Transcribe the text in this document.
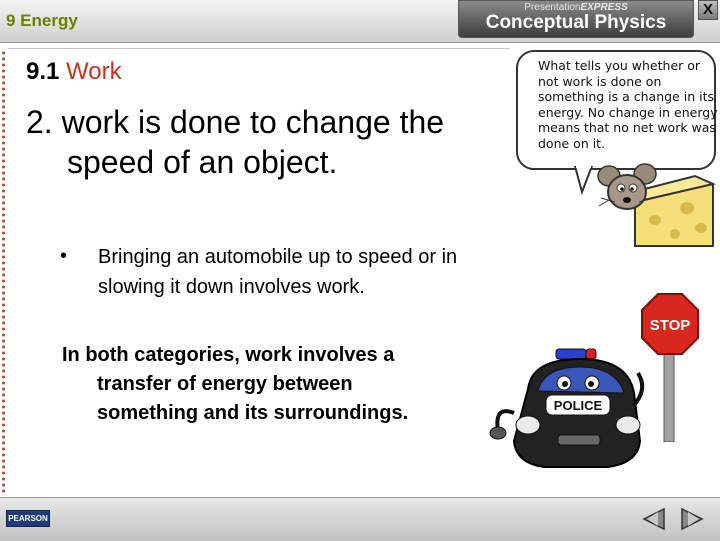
9 Energy
PresentationEXPRESS
Conceptual Physics
X
9.1 Work
2. work is done to change the
speed of an object.
• Bringing an automobile up to speed or in slowing it down involves work.
In both categories, work involves a
transfer of energy between
something and its surroundings.
What tells you whether or not work is done on something is a change in its energy. No change in energy means that no net work was done on it.
STOP
POLICE
PEARSON
